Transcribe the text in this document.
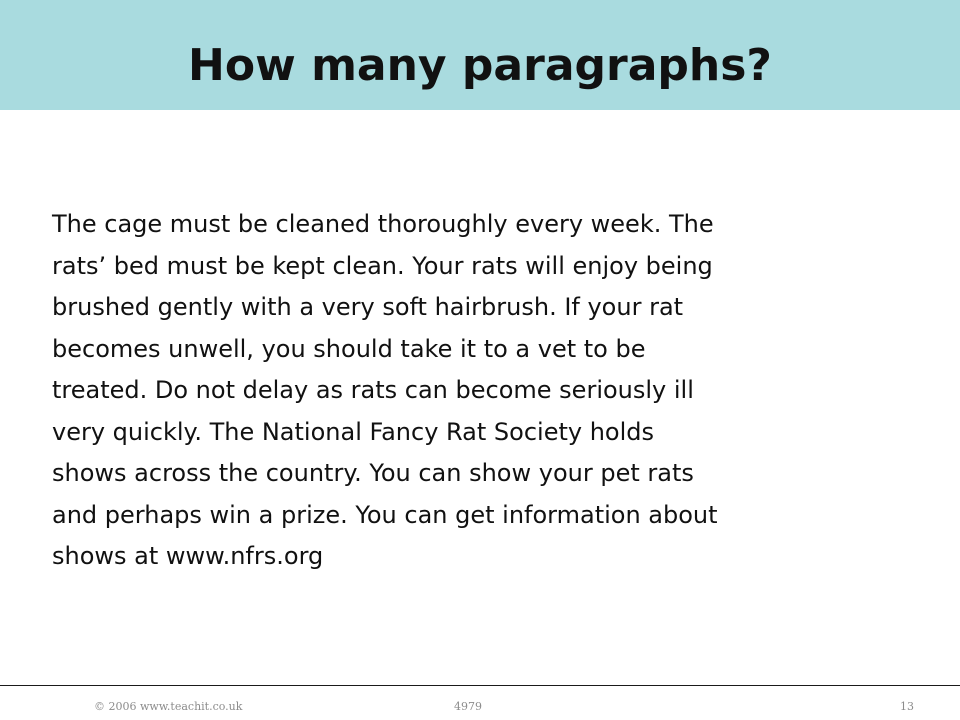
How many paragraphs?

The cage must be cleaned thoroughly every week. The
rats’ bed must be kept clean. Your rats will enjoy being
brushed gently with a very soft hairbrush. If your rat
becomes unwell, you should take it to a vet to be
treated. Do not delay as rats can become seriously ill
very quickly. The National Fancy Rat Society holds
shows across the country. You can show your pet rats
and perhaps win a prize. You can get information about
shows at www.nfrs.org

© 2006 www.teachit.co.uk	4979	13
